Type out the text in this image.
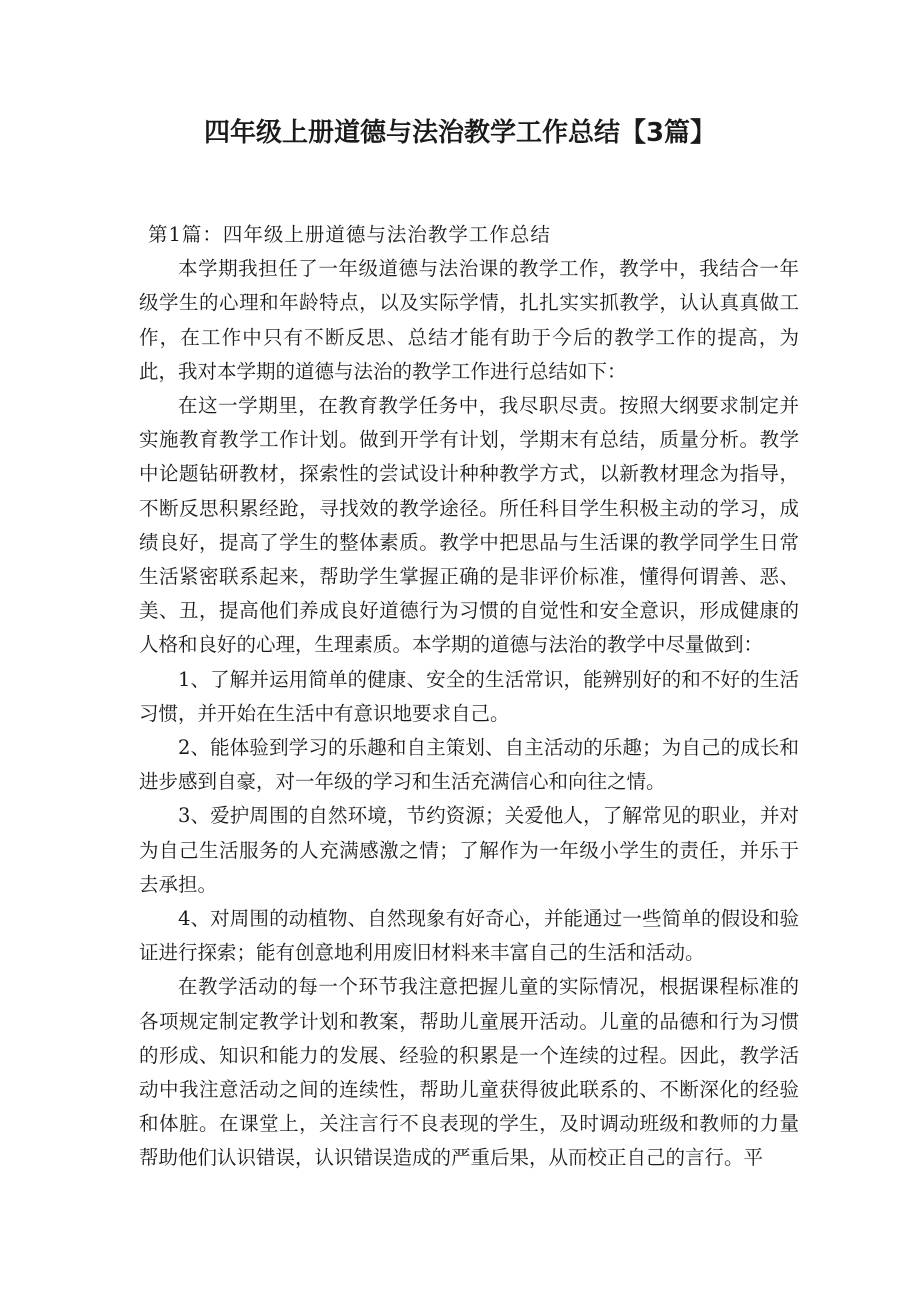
四年级上册道德与法治教学工作总结【3篇】

第1篇：四年级上册道德与法治教学工作总结

本学期我担任了一年级道德与法治课的教学工作，教学中，我结合一年级学生的心理和年龄特点，以及实际学情，扎扎实实抓教学，认认真真做工作，在工作中只有不断反思、总结才能有助于今后的教学工作的提高，为此，我对本学期的道德与法治的教学工作进行总结如下：

在这一学期里，在教育教学任务中，我尽职尽责。按照大纲要求制定并实施教育教学工作计划。做到开学有计划，学期末有总结，质量分析。教学中论题钻研教材，探索性的尝试设计种种教学方式，以新教材理念为指导，不断反思积累经跄，寻找效的教学途径。所任科目学生积极主动的学习，成绩良好，提高了学生的整体素质。教学中把思品与生活课的教学同学生日常生活紧密联系起来，帮助学生掌握正确的是非评价标准，懂得何谓善、恶、美、丑，提高他们养成良好道德行为习惯的自觉性和安全意识，形成健康的人格和良好的心理，生理素质。本学期的道德与法治的教学中尽量做到：

1、了解并运用简单的健康、安全的生活常识，能辨别好的和不好的生活习惯，并开始在生活中有意识地要求自己。

2、能体验到学习的乐趣和自主策划、自主活动的乐趣；为自己的成长和进步感到自豪，对一年级的学习和生活充满信心和向往之情。

3、爱护周围的自然环境，节约资源；关爱他人，了解常见的职业，并对为自己生活服务的人充满感激之情；了解作为一年级小学生的责任，并乐于去承担。

4、对周围的动植物、自然现象有好奇心，并能通过一些简单的假设和验证进行探索；能有创意地利用废旧材料来丰富自己的生活和活动。

在教学活动的每一个环节我注意把握儿童的实际情况，根据课程标准的各项规定制定教学计划和教案，帮助儿童展开活动。儿童的品德和行为习惯的形成、知识和能力的发展、经验的积累是一个连续的过程。因此，教学活动中我注意活动之间的连续性，帮助儿童获得彼此联系的、不断深化的经验和体脏。在课堂上，关注言行不良表现的学生，及时调动班级和教师的力量帮助他们认识错误，认识错误造成的严重后果，从而校正自己的言行。平
